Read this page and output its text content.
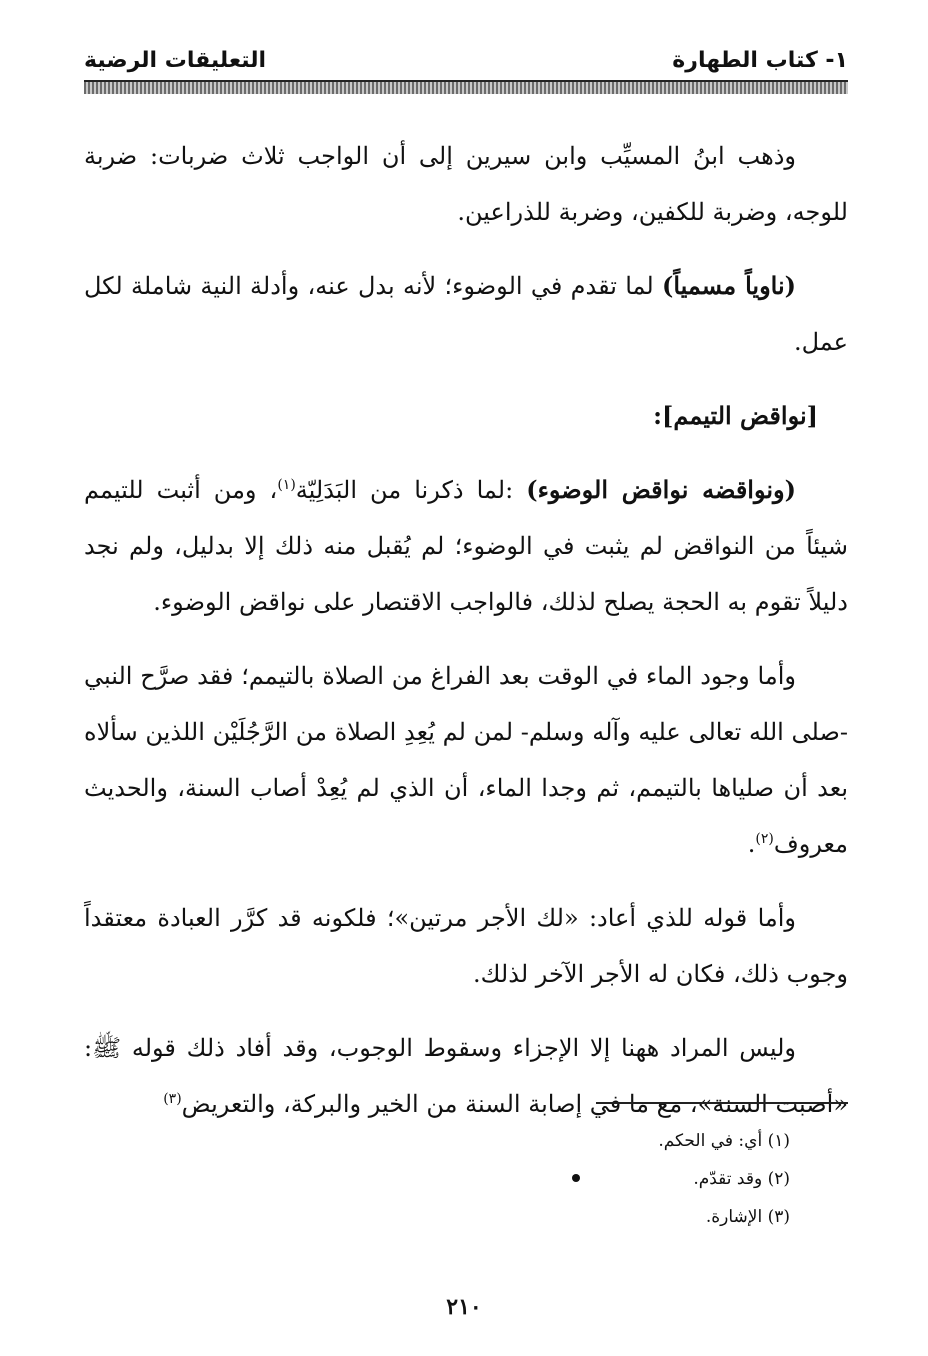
١- كتاب الطهارة
التعليقات الرضية

وذهب ابنُ المسيِّب وابن سيرين إلى أن الواجب ثلاث ضربات: ضربة للوجه، وضربة للكفين، وضربة للذراعين.

(ناوياً مسمياً) لما تقدم في الوضوء؛ لأنه بدل عنه، وأدلة النية شاملة لكل عمل.

[نواقض التيمم]:

(ونواقضه نواقض الوضوء) :لما ذكرنا من البَدَلِيّة$^{(١)}$، ومن أثبت للتيمم شيئاً من النواقض لم يثبت في الوضوء؛ لم يُقبل منه ذلك إلا بدليل، ولم نجد دليلاً تقوم به الحجة يصلح لذلك، فالواجب الاقتصار على نواقض الوضوء.

وأما وجود الماء في الوقت بعد الفراغ من الصلاة بالتيمم؛ فقد صرَّح النبي -صلى الله تعالى عليه وآله وسلم- لمن لم يُعِدِ الصلاة من الرَّجُلَيْن اللذين سألاه بعد أن صلياها بالتيمم، ثم وجدا الماء، أن الذي لم يُعِدْ أصاب السنة، والحديث معروف$^{(٢)}$.

وأما قوله للذي أعاد: «لك الأجر مرتين»؛ فلكونه قد كرَّر العبادة معتقداً وجوب ذلك، فكان له الأجر الآخر لذلك.

وليس المراد ههنا إلا الإجزاء وسقوط الوجوب، وقد أفاد ذلك قوله ﷺ: «أصبت السنة»، مع ما في إصابة السنة من الخير والبركة، والتعريض$^{(٣)}$

(١) أي: في الحكم.

(٢) وقد تقدّم.

(٣) الإشارة.

٢١٠
